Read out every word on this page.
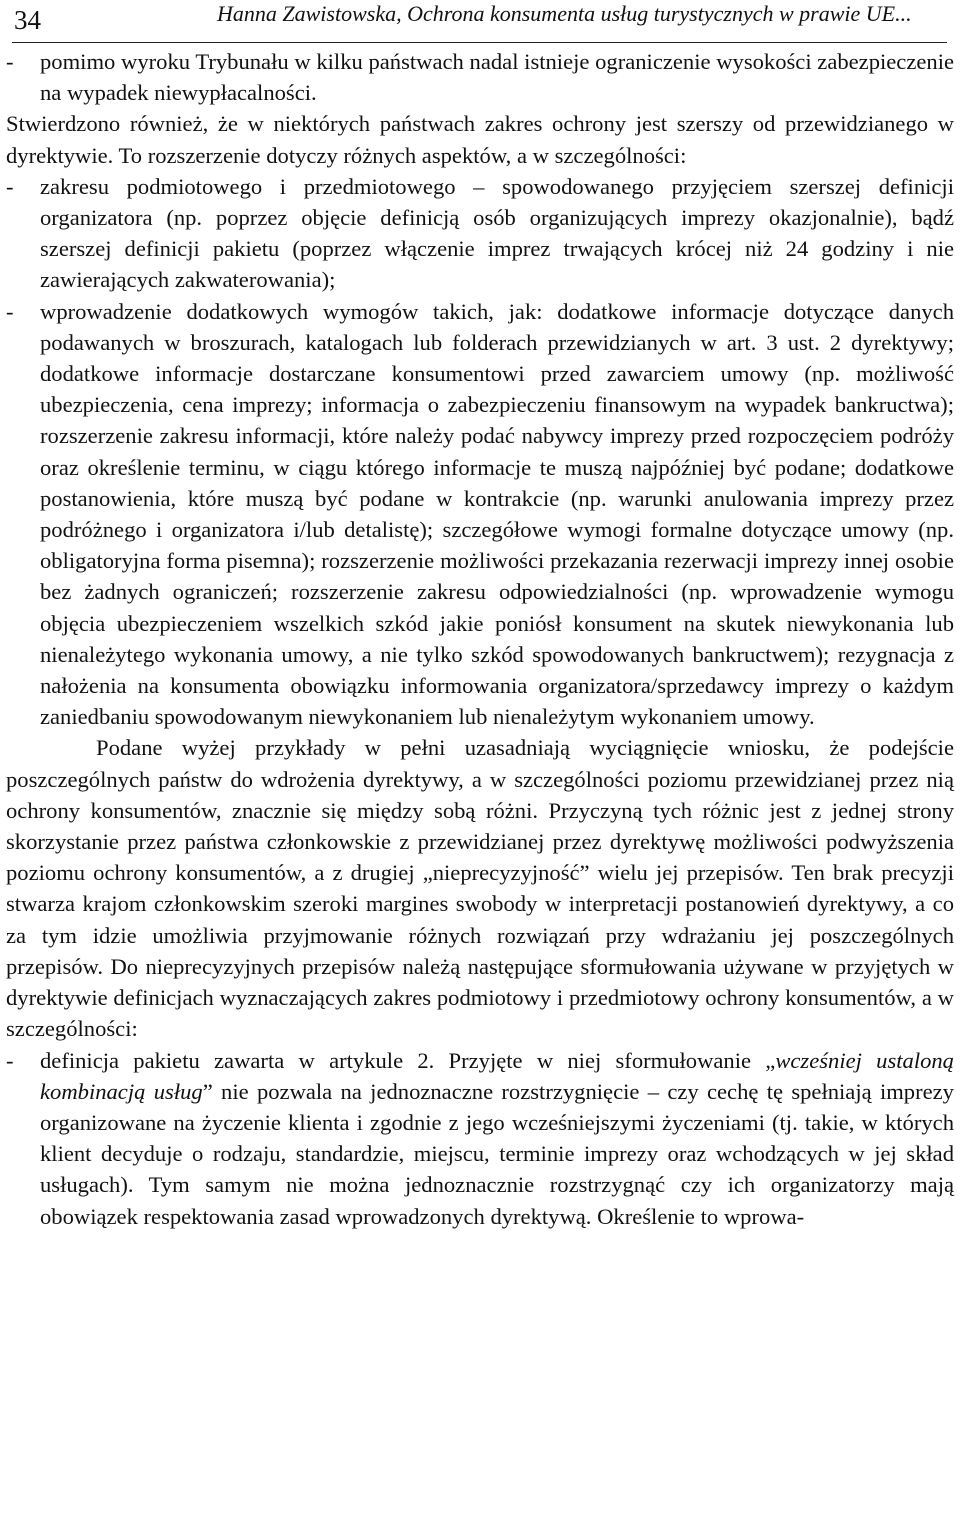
34	Hanna Zawistowska, Ochrona konsumenta usług turystycznych w prawie UE...
- pomimo wyroku Trybunału w kilku państwach nadal istnieje ograniczenie wysokości zabezpieczenie na wypadek niewypłacalności.

Stwierdzono również, że w niektórych państwach zakres ochrony jest szerszy od przewidzianego w dyrektywie. To rozszerzenie dotyczy różnych aspektów, a w szczególności:

- zakresu podmiotowego i przedmiotowego – spowodowanego przyjęciem szerszej definicji organizatora (np. poprzez objęcie definicją osób organizujących imprezy okazjonalnie), bądź szerszej definicji pakietu (poprzez włączenie imprez trwających krócej niż 24 godziny i nie zawierających zakwaterowania);
- wprowadzenie dodatkowych wymogów takich, jak: dodatkowe informacje dotyczące danych podawanych w broszurach, katalogach lub folderach przewidzianych w art. 3 ust. 2 dyrektywy; dodatkowe informacje dostarczane konsumentowi przed zawarciem umowy (np. możliwość ubezpieczenia, cena imprezy; informacja o zabezpieczeniu finansowym na wypadek bankructwa); rozszerzenie zakresu informacji, które należy podać nabywcy imprezy przed rozpoczęciem podróży oraz określenie terminu, w ciągu którego informacje te muszą najpóźniej być podane; dodatkowe postanowienia, które muszą być podane w kontrakcie (np. warunki anulowania imprezy przez podróżnego i organizatora i/lub detalistę); szczegółowe wymogi formalne dotyczące umowy (np. obligatoryjna forma pisemna); rozszerzenie możliwości przekazania rezerwacji imprezy innej osobie bez żadnych ograniczeń; rozszerzenie zakresu odpowiedzialności (np. wprowadzenie wymogu objęcia ubezpieczeniem wszelkich szkód jakie poniósł konsument na skutek niewykonania lub nienależytego wykonania umowy, a nie tylko szkód spowodowanych bankructwem); rezygnacja z nałożenia na konsumenta obowiązku informowania organizatora/sprzedawcy imprezy o każdym zaniedbaniu spowodowanym niewykonaniem lub nienależytym wykonaniem umowy.

Podane wyżej przykłady w pełni uzasadniają wyciągnięcie wniosku, że podejście poszczególnych państw do wdrożenia dyrektywy, a w szczególności poziomu przewidzianej przez nią ochrony konsumentów, znacznie się między sobą różni. Przyczyną tych różnic jest z jednej strony skorzystanie przez państwa członkowskie z przewidzianej przez dyrektywę możliwości podwyższenia poziomu ochrony konsumentów, a z drugiej „nieprecyzyjność” wielu jej przepisów. Ten brak precyzji stwarza krajom członkowskim szeroki margines swobody w interpretacji postanowień dyrektywy, a co za tym idzie umożliwia przyjmowanie różnych rozwiązań przy wdrażaniu jej poszczególnych przepisów. Do nieprecyzyjnych przepisów należą następujące sformułowania używane w przyjętych w dyrektywie definicjach wyznaczających zakres podmiotowy i przedmiotowy ochrony konsumentów, a w szczególności:

- definicja pakietu zawarta w artykule 2. Przyjęte w niej sformułowanie „wcześniej ustaloną kombinacją usług” nie pozwala na jednoznaczne rozstrzygnięcie – czy cechę tę spełniają imprezy organizowane na życzenie klienta i zgodnie z jego wcześniejszymi życzeniami (tj. takie, w których klient decyduje o rodzaju, standardzie, miejscu, terminie imprezy oraz wchodzących w jej skład usługach). Tym samym nie można jednoznacznie rozstrzygnąć czy ich organizatorzy mają obowiązek respektowania zasad wprowadzonych dyrektywą. Określenie to wprowa-
